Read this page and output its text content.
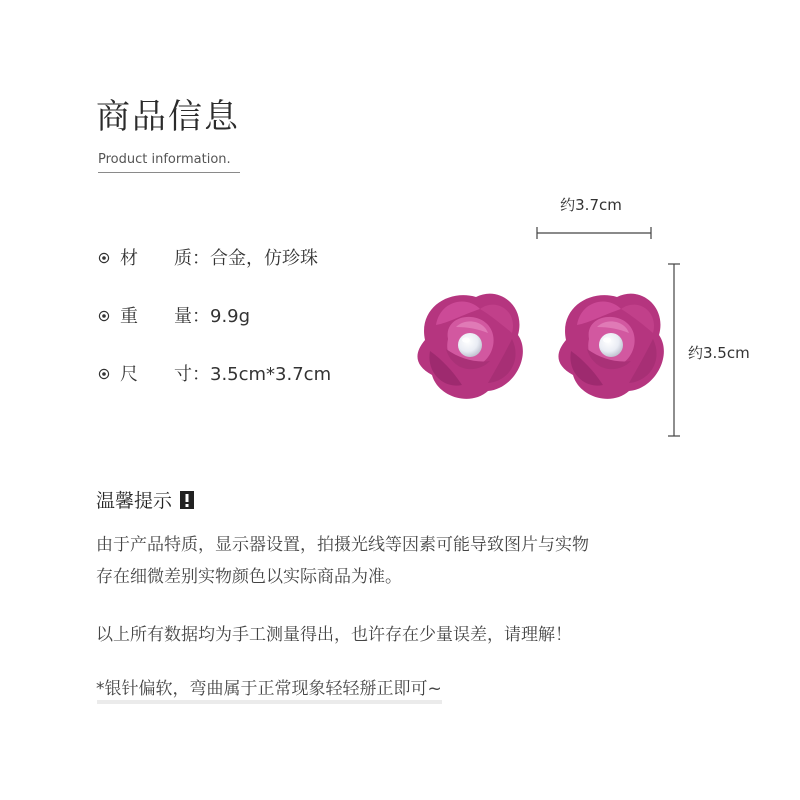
商品信息
Product information.
材 质：合金，仿珍珠
重 量：9.9g
尺 寸：3.5cm*3.7cm
约3.7cm
约3.5cm
温馨提示
由于产品特质，显示器设置，拍摄光线等因素可能导致图片与实物
存在细微差别实物颜色以实际商品为准。
以上所有数据均为手工测量得出，也许存在少量误差，请理解！
*银针偏软，弯曲属于正常现象轻轻掰正即可~
